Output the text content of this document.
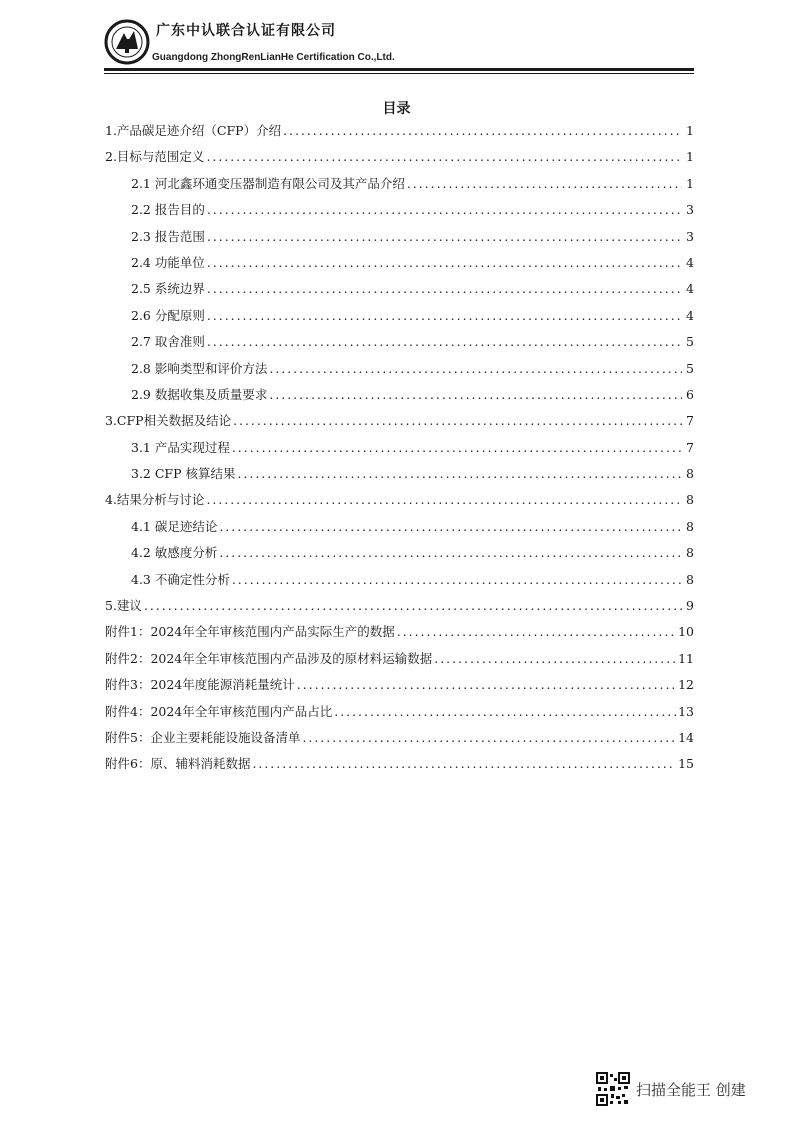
广东中认联合认证有限公司
Guangdong ZhongRenLianHe Certification Co.,Ltd.
目录
1.产品碳足迹介绍（CFP）介绍 . . .	1
2.目标与范围定义 . . .	1
2.1 河北鑫环通变压器制造有限公司及其产品介绍 . . .	1
2.2 报告目的 . . .	3
2.3 报告范围 . . .	3
2.4 功能单位 . . .	4
2.5 系统边界 . . .	4
2.6 分配原则 . . .	4
2.7 取舍准则 . . .	5
2.8 影响类型和评价方法 . . .	5
2.9 数据收集及质量要求 . . .	6
3.CFP相关数据及结论 . . .	7
3.1 产品实现过程 . . .	7
3.2 CFP 核算结果 . . .	8
4.结果分析与讨论 . . .	8
4.1 碳足迹结论 . . .	8
4.2 敏感度分析 . . .	8
4.3 不确定性分析 . . .	8
5.建议 . . .	9
附件1：2024年全年审核范围内产品实际生产的数据 . . .	10
附件2：2024年全年审核范围内产品涉及的原材料运输数据 . . .	11
附件3：2024年度能源消耗量统计 . . .	12
附件4：2024年全年审核范围内产品占比 . . .	13
附件5：企业主要耗能设施设备清单 . . .	14
附件6：原、辅料消耗数据 . . .	15
扫描全能王 创建
